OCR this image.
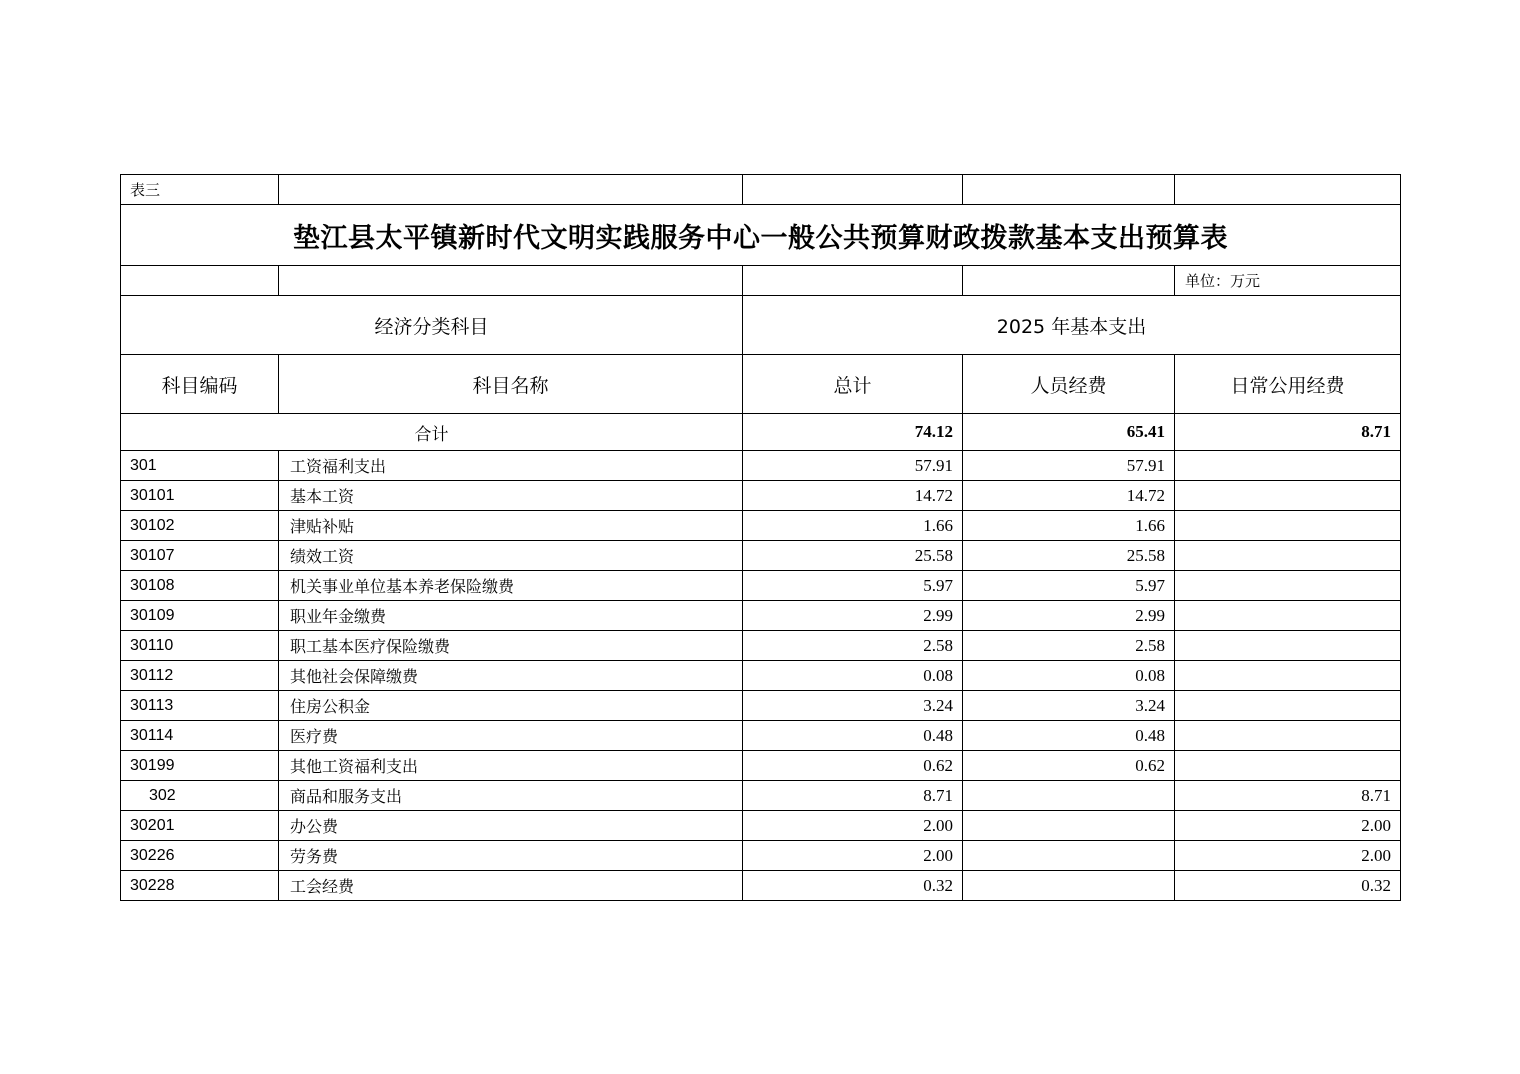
表三				
垫江县太平镇新时代文明实践服务中心一般公共预算财政拨款基本支出预算表				
				单位：万元
经济分类科目		2025 年基本支出		
科目编码	科目名称	总计	人员经费	日常公用经费
合计		74.12	65.41	8.71
301	工资福利支出	57.91	57.91	
30101	基本工资	14.72	14.72	
30102	津贴补贴	1.66	1.66	
30107	绩效工资	25.58	25.58	
30108	机关事业单位基本养老保险缴费	5.97	5.97	
30109	职业年金缴费	2.99	2.99	
30110	职工基本医疗保险缴费	2.58	2.58	
30112	其他社会保障缴费	0.08	0.08	
30113	住房公积金	3.24	3.24	
30114	医疗费	0.48	0.48	
30199	其他工资福利支出	0.62	0.62	
302	商品和服务支出	8.71		8.71
30201	办公费	2.00		2.00
30226	劳务费	2.00		2.00
30228	工会经费	0.32		0.32
